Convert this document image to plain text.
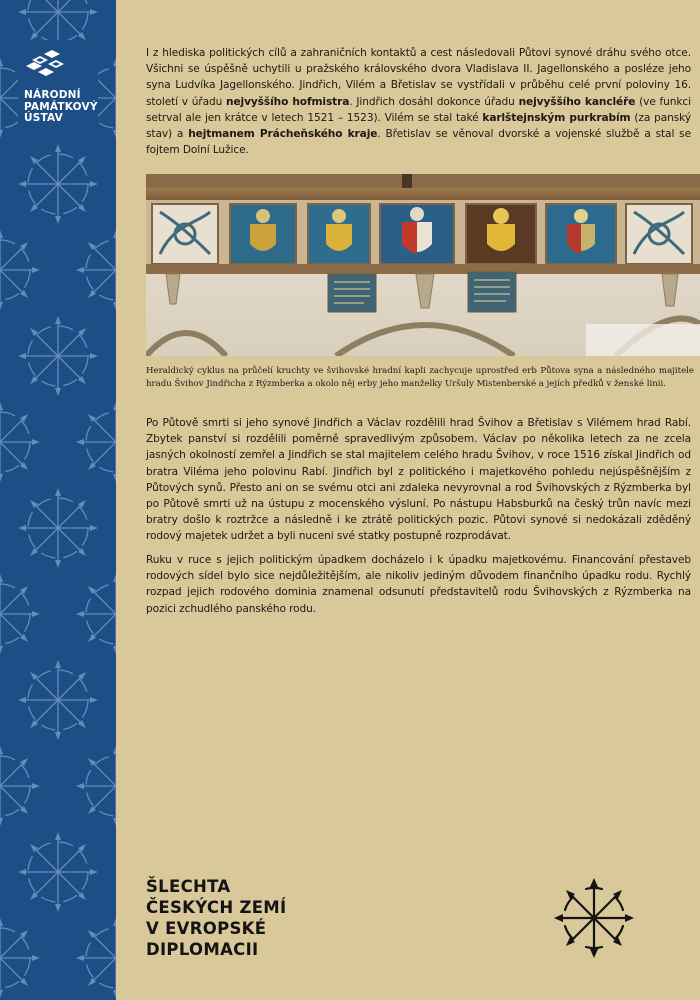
NÁRODNÍ
PAMÁTKOVÝ
ÚSTAV

I z hlediska politických cílů a zahraničních kontaktů a cest následovali Půtovi synové dráhu svého otce. Všichni se úspěšně uchytili u pražského královského dvora Vladislava II. Jagellonského a posléze jeho syna Ludvíka Jagellonského. Jindřich, Vilém a Břetislav se vystřídali v průběhu celé první poloviny 16. století v úřadu nejvyššího hofmistra. Jindřich dosáhl dokonce úřadu nejvyššího kancléře (ve funkci setrval ale jen krátce v letech 1521 – 1523). Vilém se stal také karlštejnským purkrabím (za panský stav) a hejtmanem Prácheňského kraje. Břetislav se věnoval dvorské a vojenské službě a stal se fojtem Dolní Lužice.

Heraldický cyklus na průčelí kruchty ve švihovské hradní kapli zachycuje uprostřed erb Půtova syna a následného majitele hradu Švihov Jindřicha z Rýzmberka a okolo něj erby jeho manželky Uršuly Mistenberské a jejích předků v ženské linii.

Po Půtově smrti si jeho synové Jindřich a Václav rozdělili hrad Švihov a Břetislav s Vilémem hrad Rabí. Zbytek panství si rozdělili poměrně spravedlivým způsobem. Václav po několika letech za ne zcela jasných okolností zemřel a Jindřich se stal majitelem celého hradu Švihov, v roce 1516 získal Jindřich od bratra Viléma jeho polovinu Rabí. Jindřich byl z politického i majetkového pohledu nejúspěšnějším z Půtových synů. Přesto ani on se svému otci ani zdaleka nevyrovnal a rod Švihovských z Rýzmberka byl po Půtově smrti už na ústupu z mocenského výsluní. Po nástupu Habsburků na český trůn navíc mezi bratry došlo k roztržce a následně i ke ztrátě politických pozic. Půtovi synové si nedokázali zděděný rodový majetek udržet a byli nuceni své statky postupně rozprodávat.

Ruku v ruce s jejich politickým úpadkem docházelo i k úpadku majetkovému. Financování přestaveb rodových sídel bylo sice nejdůležitějším, ale nikoliv jediným důvodem finančního úpadku rodu. Rychlý rozpad jejich rodového dominia znamenal odsunutí představitelů rodu Švihovských z Rýzmberka na pozici zchudlého panského rodu.

ŠLECHTA
ČESKÝCH ZEMÍ
V EVROPSKÉ
DIPLOMACII
